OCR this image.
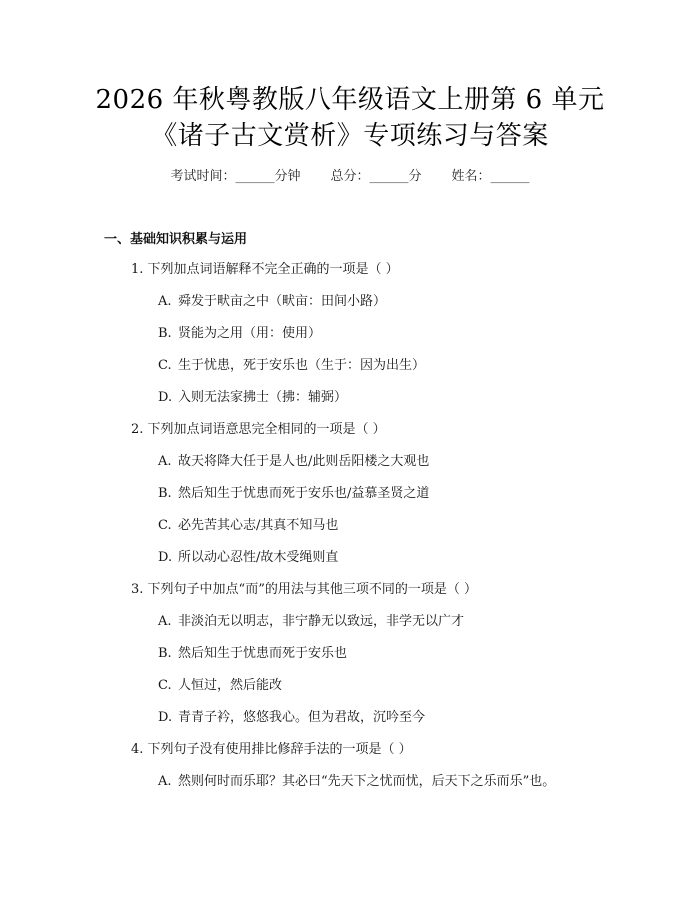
2026 年秋粤教版八年级语文上册第 6 单元
《诸子古文赏析》专项练习与答案
考试时间：______分钟 总分：______分 姓名：______
一、基础知识积累与运用
1. 下列加点词语解释不完全正确的一项是（ ）
A. 舜发于畎亩之中（畎亩：田间小路）
B. 贤能为之用（用：使用）
C. 生于忧患，死于安乐也（生于：因为出生）
D. 入则无法家拂士（拂：辅弼）
2. 下列加点词语意思完全相同的一项是（ ）
A. 故天将降大任于是人也/此则岳阳楼之大观也
B. 然后知生于忧患而死于安乐也/益慕圣贤之道
C. 必先苦其心志/其真不知马也
D. 所以动心忍性/故木受绳则直
3. 下列句子中加点“而”的用法与其他三项不同的一项是（ ）
A. 非淡泊无以明志，非宁静无以致远，非学无以广才
B. 然后知生于忧患而死于安乐也
C. 人恒过，然后能改
D. 青青子衿，悠悠我心。但为君故，沉吟至今
4. 下列句子没有使用排比修辞手法的一项是（ ）
A. 然则何时而乐耶？其必曰“先天下之忧而忧，后天下之乐而乐”也。
